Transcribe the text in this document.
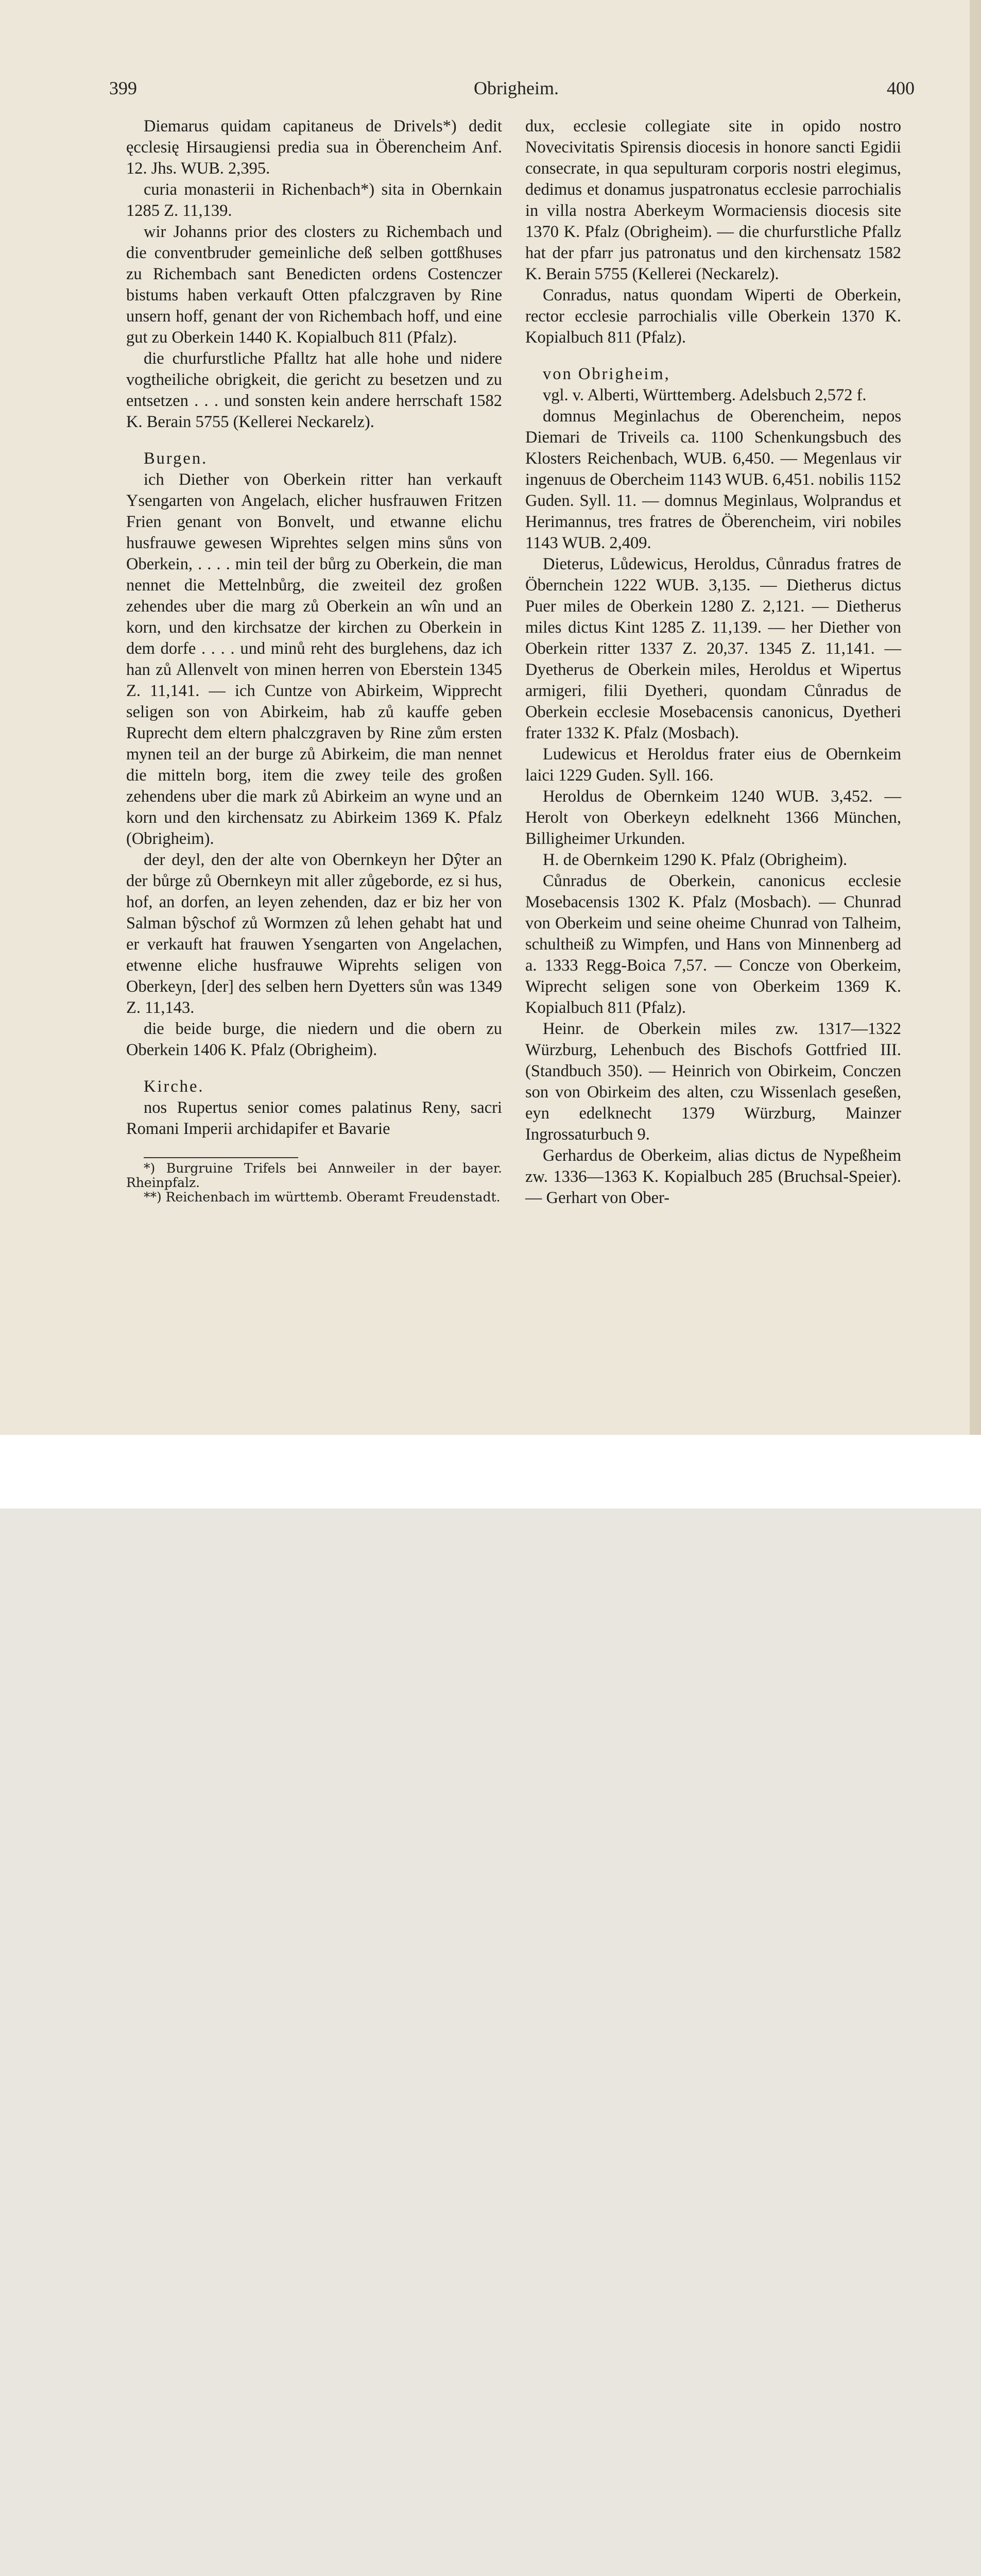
399	Obrigheim.	400

Diemarus quidam capitaneus de Drivels*) dedit ęcclesię Hirsaugiensi predia sua in Öberencheim Anf. 12. Jhs. WUB. 2,395.

curia monasterii in Richenbach*) sita in Obernkain 1285 Z. 11,139.

wir Johanns prior des closters zu Richembach und die conventbruder gemeinliche deß selben gottßhuses zu Richembach sant Benedicten ordens Costenczer bistums haben verkauft Otten pfalczgraven by Rine unsern hoff, genant der von Richembach hoff, und eine gut zu Oberkein 1440 K. Kopialbuch 811 (Pfalz).

die churfurstliche Pfalltz hat alle hohe und nidere vogtheiliche obrigkeit, die gericht zu besetzen und zu entsetzen . . . und sonsten kein andere herrschaft 1582 K. Berain 5755 (Kellerei Neckarelz).

Burgen.

ich Diether von Oberkein ritter han verkauft Ysengarten von Angelach, elicher husfrauwen Fritzen Frien genant von Bonvelt, und etwanne elichu husfrauwe gewesen Wiprehtes selgen mins sůns von Oberkein, . . . . min teil der bůrg zu Oberkein, die man nennet die Mettelnbůrg, die zweiteil dez großen zehendes uber die marg zů Oberkein an wîn und an korn, und den kirchsatze der kirchen zu Oberkein in dem dorfe . . . . und minů reht des burglehens, daz ich han zů Allenvelt von minen herren von Eberstein 1345 Z. 11,141. — ich Cuntze von Abirkeim, Wipprecht seligen son von Abirkeim, hab zů kauffe geben Ruprecht dem eltern phalczgraven by Rine zům ersten mynen teil an der burge zů Abirkeim, die man nennet die mitteln borg, item die zwey teile des großen zehendens uber die mark zů Abirkeim an wyne und an korn und den kirchensatz zu Abirkeim 1369 K. Pfalz (Obrigheim).

der deyl, den der alte von Obernkeyn her Dŷter an der bůrge zů Obernkeyn mit aller zůgeborde, ez si hus, hof, an dorfen, an leyen zehenden, daz er biz her von Salman bŷschof zů Wormzen zů lehen gehabt hat und er verkauft hat frauwen Ysengarten von Angelachen, etwenne eliche husfrauwe Wiprehts seligen von Oberkeyn, [der] des selben hern Dyetters sůn was 1349 Z. 11,143.

die beide burge, die niedern und die obern zu Oberkein 1406 K. Pfalz (Obrigheim).

Kirche.

nos Rupertus senior comes palatinus Reny, sacri Romani Imperii archidapifer et Bavarie

*) Burgruine Trifels bei Annweiler in der bayer. Rheinpfalz.

**) Reichenbach im württemb. Oberamt Freudenstadt.

dux, ecclesie collegiate site in opido nostro Novecivitatis Spirensis diocesis in honore sancti Egidii consecrate, in qua sepulturam corporis nostri elegimus, dedimus et donamus juspatronatus ecclesie parrochialis in villa nostra Aberkeym Wormaciensis diocesis site 1370 K. Pfalz (Obrigheim). — die churfurstliche Pfallz hat der pfarr jus patronatus und den kirchensatz 1582 K. Berain 5755 (Kellerei (Neckarelz).

Conradus, natus quondam Wiperti de Oberkein, rector ecclesie parrochialis ville Oberkein 1370 K. Kopialbuch 811 (Pfalz).

von Obrigheim,

vgl. v. Alberti, Württemberg. Adelsbuch 2,572 f.

domnus Meginlachus de Oberencheim, nepos Diemari de Triveils ca. 1100 Schenkungsbuch des Klosters Reichenbach, WUB. 6,450. — Megenlaus vir ingenuus de Obercheim 1143 WUB. 6,451. nobilis 1152 Guden. Syll. 11. — domnus Meginlaus, Wolprandus et Herimannus, tres fratres de Öberencheim, viri nobiles 1143 WUB. 2,409.

Dieterus, Lůdewicus, Heroldus, Cůnradus fratres de Öbernchein 1222 WUB. 3,135. — Dietherus dictus Puer miles de Oberkein 1280 Z. 2,121. — Dietherus miles dictus Kint 1285 Z. 11,139. — her Diether von Oberkein ritter 1337 Z. 20,37. 1345 Z. 11,141. — Dyetherus de Oberkein miles, Heroldus et Wipertus armigeri, filii Dyetheri, quondam Cůnradus de Oberkein ecclesie Mosebacensis canonicus, Dyetheri frater 1332 K. Pfalz (Mosbach).

Ludewicus et Heroldus frater eius de Obernkeim laici 1229 Guden. Syll. 166.

Heroldus de Obernkeim 1240 WUB. 3,452. — Herolt von Oberkeyn edelkneht 1366 München, Billigheimer Urkunden.

H. de Obernkeim 1290 K. Pfalz (Obrigheim).

Cůnradus de Oberkein, canonicus ecclesie Mosebacensis 1302 K. Pfalz (Mosbach). — Chunrad von Oberkeim und seine oheime Chunrad von Talheim, schultheiß zu Wimpfen, und Hans von Minnenberg ad a. 1333 Regg-Boica 7,57. — Concze von Oberkeim, Wiprecht seligen sone von Oberkeim 1369 K. Kopialbuch 811 (Pfalz).

Heinr. de Oberkein miles zw. 1317—1322 Würzburg, Lehenbuch des Bischofs Gottfried III. (Standbuch 350). — Heinrich von Obirkeim, Conczen son von Obirkeim des alten, czu Wissenlach geseßen, eyn edelknecht 1379 Würzburg, Mainzer Ingrossaturbuch 9.

Gerhardus de Oberkeim, alias dictus de Nypeßheim zw. 1336—1363 K. Kopialbuch 285 (Bruchsal-Speier). — Gerhart von Ober-
